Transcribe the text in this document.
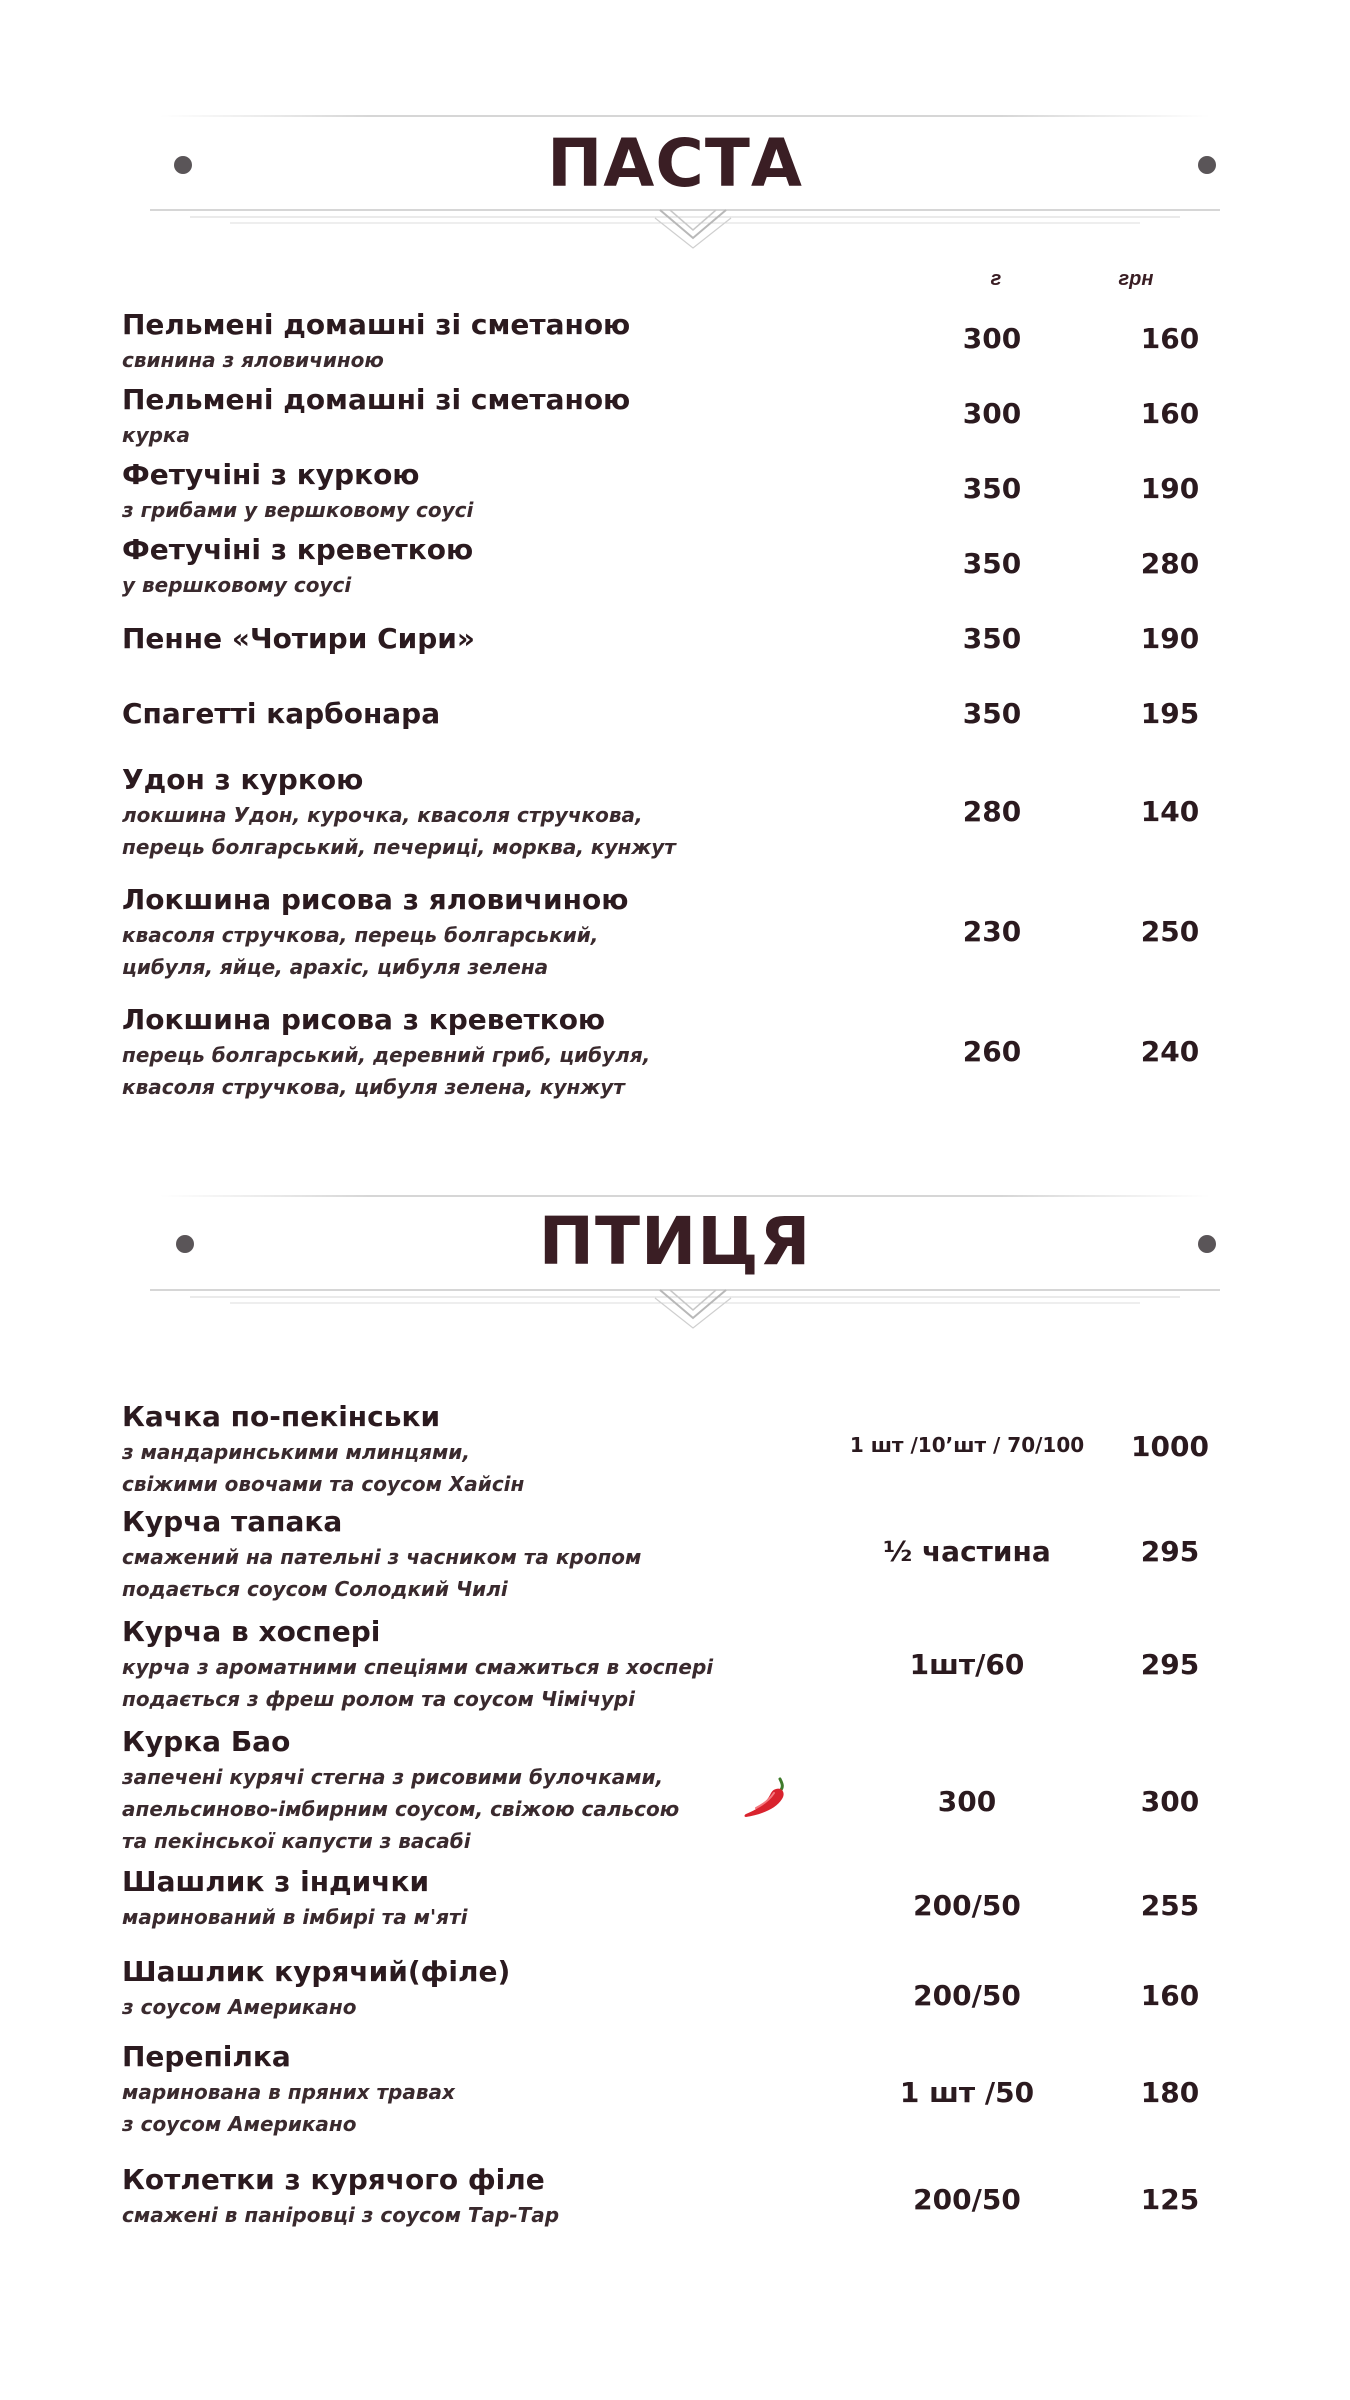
ПАСТА
г	грн
Пельмені домашні зі сметаною
свинина з яловичиною
300	160
Пельмені домашні зі сметаною
курка
300	160
Фетучіні з куркою
з грибами у вершковому соусі
350	190
Фетучіні з креветкою
у вершковому соусі
350	280
Пенне «Чотири Сири»	350	190
Спагетті карбонара	350	195
Удон з куркою
локшина Удон, курочка, квасоля стручкова,
перець болгарський, печериці, морква, кунжут
280	140
Локшина рисова з яловичиною
квасоля стручкова, перець болгарський,
цибуля, яйце, арахіс, цибуля зелена
230	250
Локшина рисова з креветкою
перець болгарський, деревний гриб, цибуля,
квасоля стручкова, цибуля зелена, кунжут
260	240
ПТИЦЯ
Качка по-пекінськи
з мандаринськими млинцями,
свіжими овочами та соусом Хайсін
1 шт /10’шт / 70/100	1000
Курча тапака
смажений на пательні з часником та кропом
подається соусом Солодкий Чилі
½ частина	295
Курча в хоспері
курча з ароматними спеціями смажиться в хоспері
подається з фреш ролом та соусом Чімічурі
1шт/60	295
Курка Бао
запечені курячі стегна з рисовими булочками,
апельсиново-імбирним соусом, свіжою сальсою
та пекінської капусти з васабі
300	300
Шашлик з індички
маринований в імбирі та м'яті	200/50	255
Шашлик курячий(філе)
з соусом Американо	200/50	160
Перепілка
маринована в пряних травах
з соусом Американо
1 шт /50	180
Котлетки з курячого філе
смажені в паніровці з соусом Тар-Тар	200/50	125
